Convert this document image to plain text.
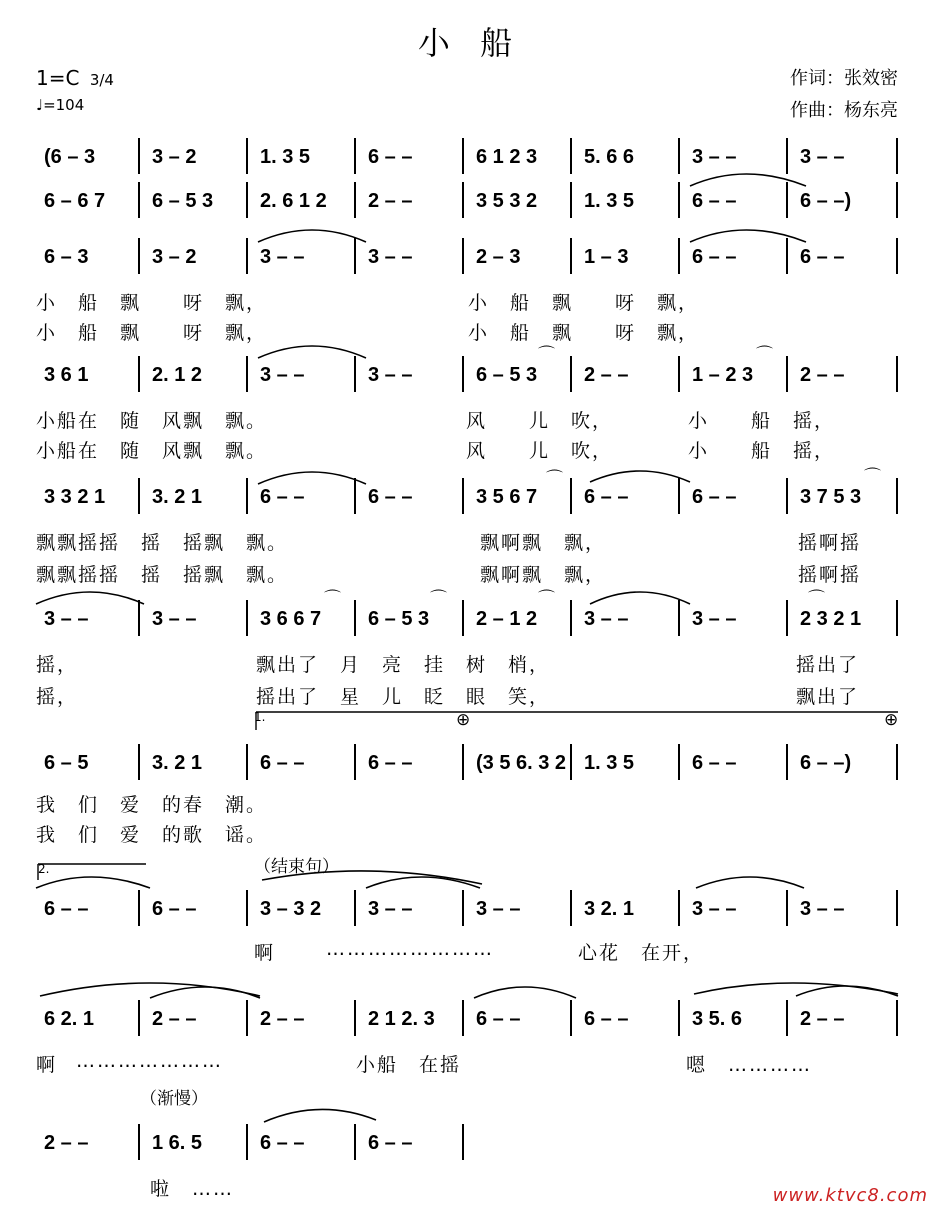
小 船
1=C 3/4
♩=104
作词：张效密
作曲：杨东亮
(6 – 3	3 – 2	1. 3 5	6 – –	6 1 2 3 5. 6 6	3 – –	3 – –
6 – 6 7 6 – 5 3 2. 6 1 2 2 – –	3 5 3 2 1. 3 5	6 – –	6 – –)
6 – 3	3 – 2	3 – –	3 – –	2 – 3	1 – 3	6 – –	6 – –
3 6 1	2. 1 2	3 – –	3 – –	6 – 5 3 2 – –	1 – 2 3 2 – –
3 3 2 1 3. 2 1	6 – –	6 – –	3 5 6 7 6 – –	6 – –	3 7 5 3
3 – –	3 – –	3 6 6 7 6 – 5 3 2 – 1 2 3 – –	3 – –	2 3 2 1
6 – 5	3. 2 1	6 – –	6 – –	(3 5 6. 3 2 1. 3 5	6 – –	6 – –)
6 – –	6 – –	3 – 3 2 3 – –	3 – –	3 2. 1	3 – –	3 – –
6 2. 1	2 – –	2 – –	2 1 2. 3 6 – –	6 – –	3 5. 6	2 – –
2 – –	1 6. 5	6 – –	6 – –

小　船　飘　　呀　飘，

	小　船　飘　　呀　飘，

小　船　飘　　呀　飘，

	小　船　飘　　呀　飘，

小船在　随　风飘　飘。

	风　　儿　吹，

	小　　船　摇，

小船在　随　风飘　飘。

	风　　儿　吹，

	小　　船　摇，

飘飘摇摇　摇　摇飘　飘。

	飘啊飘　飘，

	摇啊摇

飘飘摇摇　摇　摇飘　飘。

	飘啊飘　飘，

	摇啊摇

摇，

	飘出了　月　亮　挂　树　梢，

	摇出了

摇，

	摇出了　星　儿　眨　眼　笑，

	飘出了

我　们　爱　的春　潮。

我　们　爱　的歌　谣。

啊

	……………………

	心花　在开，

啊

…………………

	小船　在摇

	嗯　…………

啦　……

（结束句）
（渐慢）
1.
2.
⊕	⊕
⌒	⌒
⌒	⌒
⌒	⌒	⌒	⌒
www.ktvc8.com
